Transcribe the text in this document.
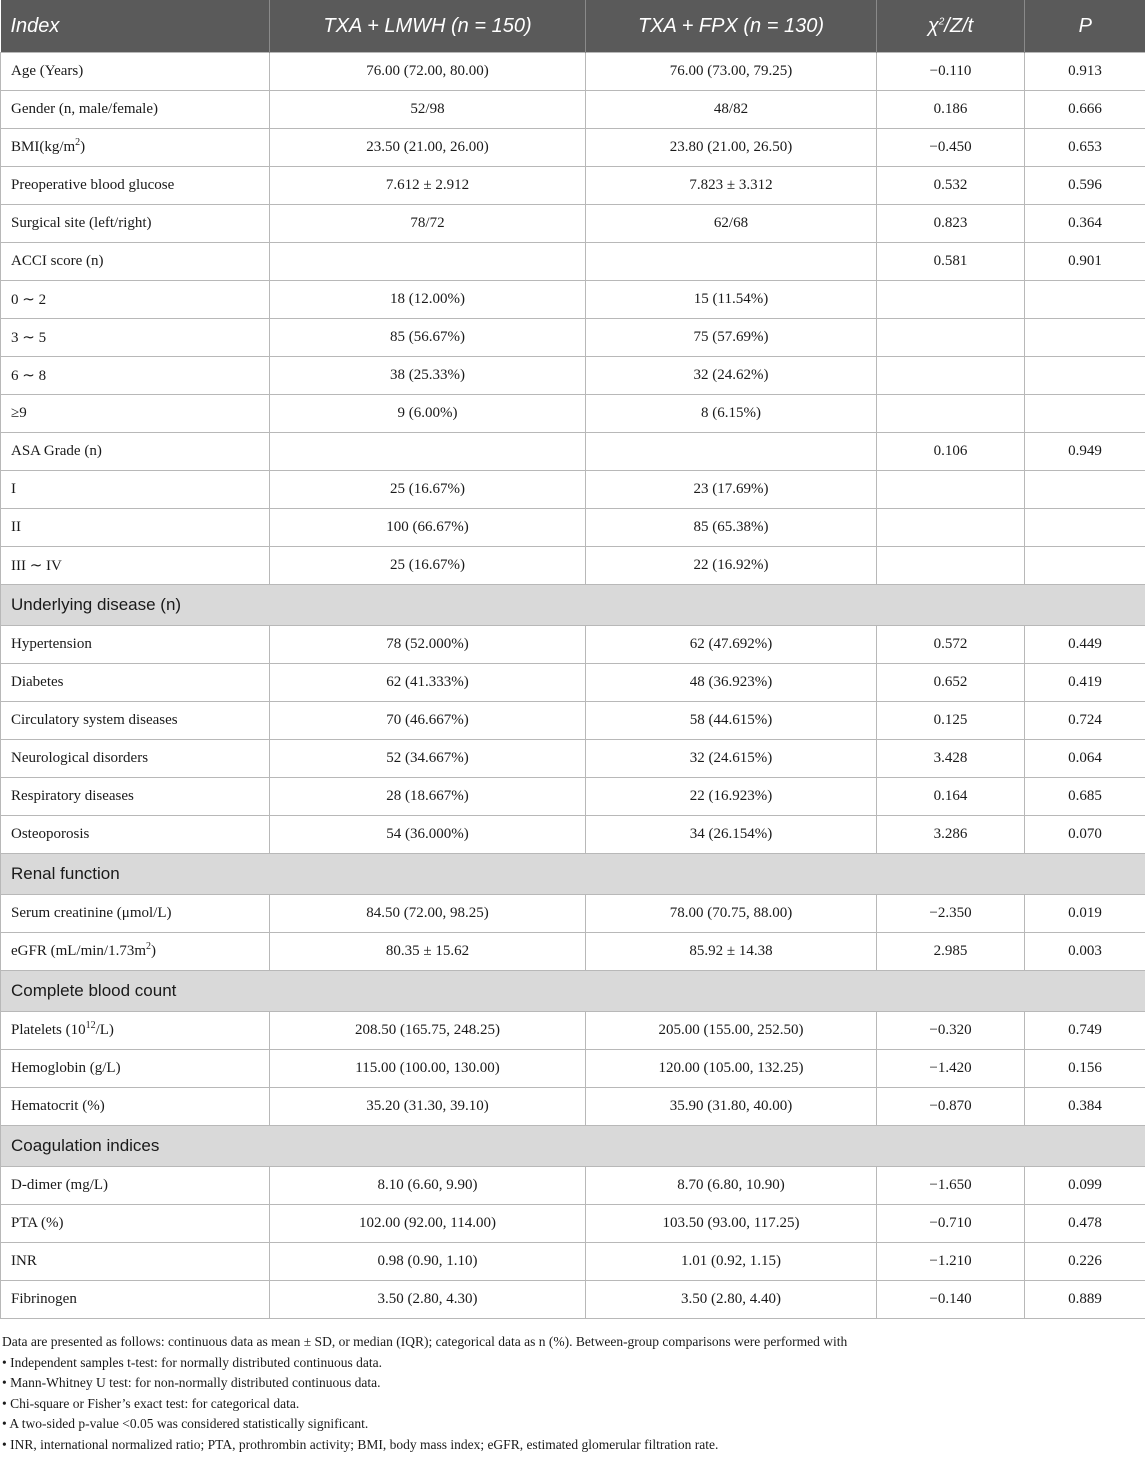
Index	TXA + LMWH (n = 150)	TXA + FPX (n = 130)	$\chi^2/Z/t$	P
Age (Years)	76.00 (72.00, 80.00)	76.00 (73.00, 79.25)	−0.110	0.913
Gender (n, male/female)	52/98	48/82	0.186	0.666
$BMI(kg/m^2)$	23.50 (21.00, 26.00)	23.80 (21.00, 26.50)	−0.450	0.653
Preoperative blood glucose	7.612 ± 2.912	7.823 ± 3.312	0.532	0.596
Surgical site (left/right)	78/72	62/68	0.823	0.364
ACCI score (n)			0.581	0.901
0 ∼ 2	18 (12.00%)	15 (11.54%)		
3 ∼ 5	85 (56.67%)	75 (57.69%)		
6 ∼ 8	38 (25.33%)	32 (24.62%)		
≥9	9 (6.00%)	8 (6.15%)		
ASA Grade (n)			0.106	0.949
I	25 (16.67%)	23 (17.69%)		
II	100 (66.67%)	85 (65.38%)		
III ∼ IV	25 (16.67%)	22 (16.92%)		
Underlying disease (n)				
Hypertension	78 (52.000%)	62 (47.692%)	0.572	0.449
Diabetes	62 (41.333%)	48 (36.923%)	0.652	0.419
Circulatory system diseases	70 (46.667%)	58 (44.615%)	0.125	0.724
Neurological disorders	52 (34.667%)	32 (24.615%)	3.428	0.064
Respiratory diseases	28 (18.667%)	22 (16.923%)	0.164	0.685
Osteoporosis	54 (36.000%)	34 (26.154%)	3.286	0.070
Renal function				
Serum creatinine (μmol/L)	84.50 (72.00, 98.25)	78.00 (70.75, 88.00)	−2.350	0.019
eGFR $(mL/\min/1.73m^2)$	80.35 ± 15.62	85.92 ± 14.38	2.985	0.003
Complete blood count				
Platelets $(10^{12}/L)$	208.50 (165.75, 248.25)	205.00 (155.00, 252.50)	−0.320	0.749
Hemoglobin (g/L)	115.00 (100.00, 130.00)	120.00 (105.00, 132.25)	−1.420	0.156
Hematocrit (%)	35.20 (31.30, 39.10)	35.90 (31.80, 40.00)	−0.870	0.384
Coagulation indices				
D-dimer (mg/L)	8.10 (6.60, 9.90)	8.70 (6.80, 10.90)	−1.650	0.099
PTA (%)	102.00 (92.00, 114.00)	103.50 (93.00, 117.25)	−0.710	0.478
INR	0.98 (0.90, 1.10)	1.01 (0.92, 1.15)	−1.210	0.226
Fibrinogen	3.50 (2.80, 4.30)	3.50 (2.80, 4.40)	−0.140	0.889
Data are presented as follows: continuous data as mean ± SD, or median (IQR); categorical data as n (%). Between-group comparisons were performed with
• Independent samples t-test: for normally distributed continuous data.
• Mann-Whitney U test: for non-normally distributed continuous data.
• Chi-square or Fisher’s exact test: for categorical data.
• A two-sided p-value <0.05 was considered statistically significant.
• INR, international normalized ratio; PTA, prothrombin activity; BMI, body mass index; eGFR, estimated glomerular filtration rate.
